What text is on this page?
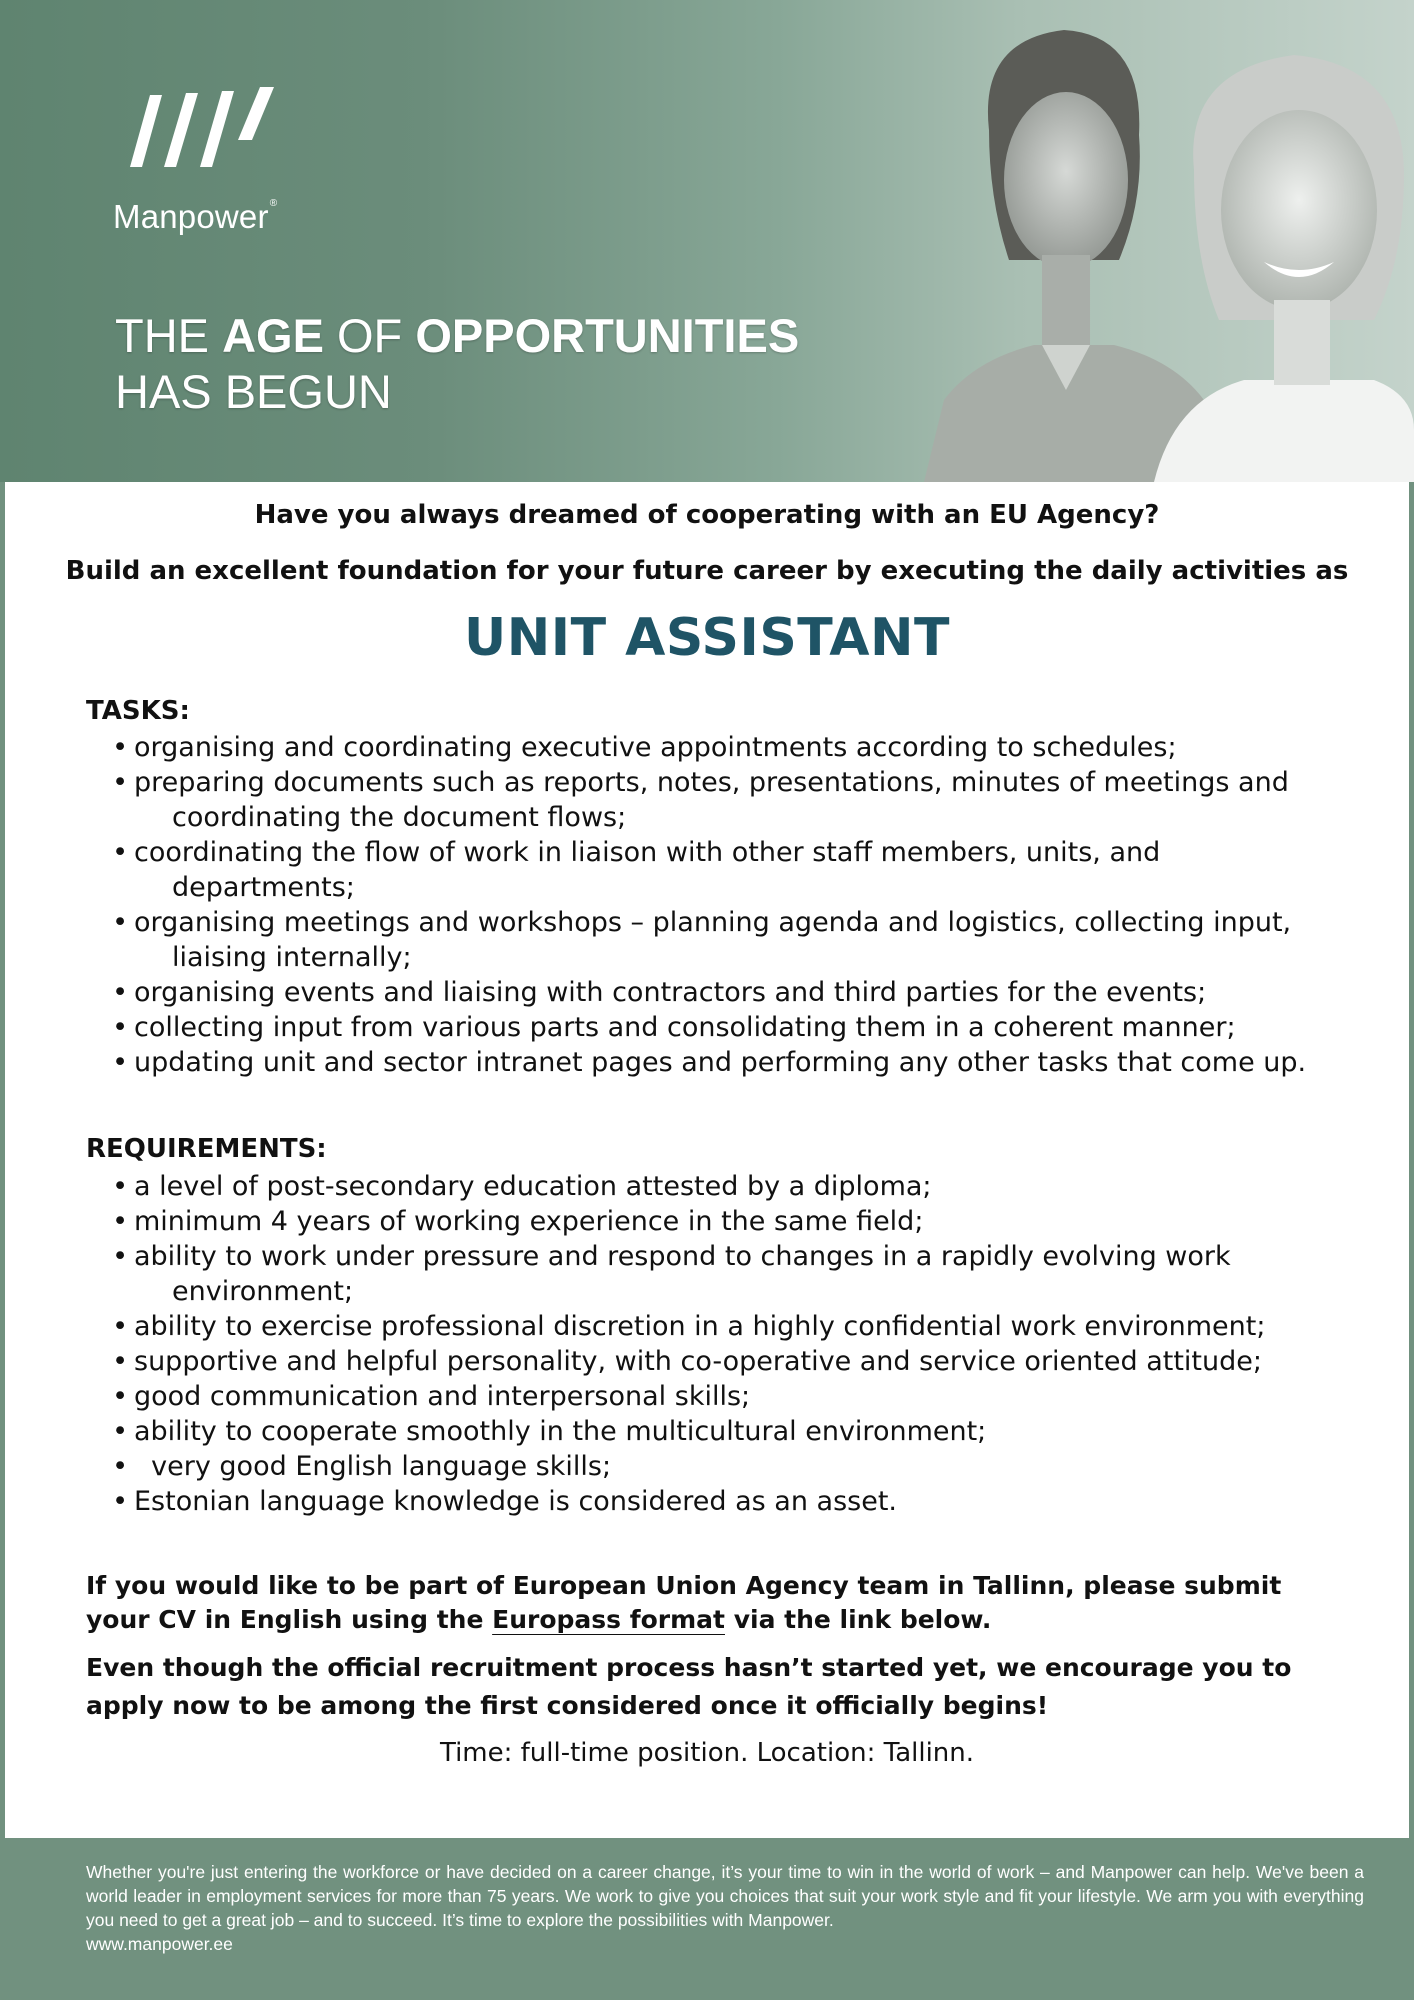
Manpower®
THE AGE OF OPPORTUNITIES
HAS BEGUN
Have you always dreamed of cooperating with an EU Agency?
Build an excellent foundation for your future career by executing the daily activities as
UNIT ASSISTANT
TASKS:
• organising and coordinating executive appointments according to schedules;
• preparing documents such as reports, notes, presentations, minutes of meetings and
coordinating the document flows;
• coordinating the flow of work in liaison with other staff members, units, and
departments;
• organising meetings and workshops – planning agenda and logistics, collecting input,
liaising internally;
• organising events and liaising with contractors and third parties for the events;
• collecting input from various parts and consolidating them in a coherent manner;
• updating unit and sector intranet pages and performing any other tasks that come up.
REQUIREMENTS:
• a level of post-secondary education attested by a diploma;
• minimum 4 years of working experience in the same field;
• ability to work under pressure and respond to changes in a rapidly evolving work
environment;
• ability to exercise professional discretion in a highly confidential work environment;
• supportive and helpful personality, with co-operative and service oriented attitude;
• good communication and interpersonal skills;
• ability to cooperate smoothly in the multicultural environment;
•  very good English language skills;
• Estonian language knowledge is considered as an asset.
If you would like to be part of European Union Agency team in Tallinn, please submit your CV in English using the Europass format via the link below.
Even though the official recruitment process hasn’t started yet, we encourage you to apply now to be among the first considered once it officially begins!
Time: full-time position. Location: Tallinn.
Whether you're just entering the workforce or have decided on a career change, it’s your time to win in the world of work – and Manpower can help. We've been a world leader in employment services for more than 75 years. We work to give you choices that suit your work style and fit your lifestyle. We arm you with everything you need to get a great job – and to succeed. It’s time to explore the possibilities with Manpower.
www.manpower.ee
